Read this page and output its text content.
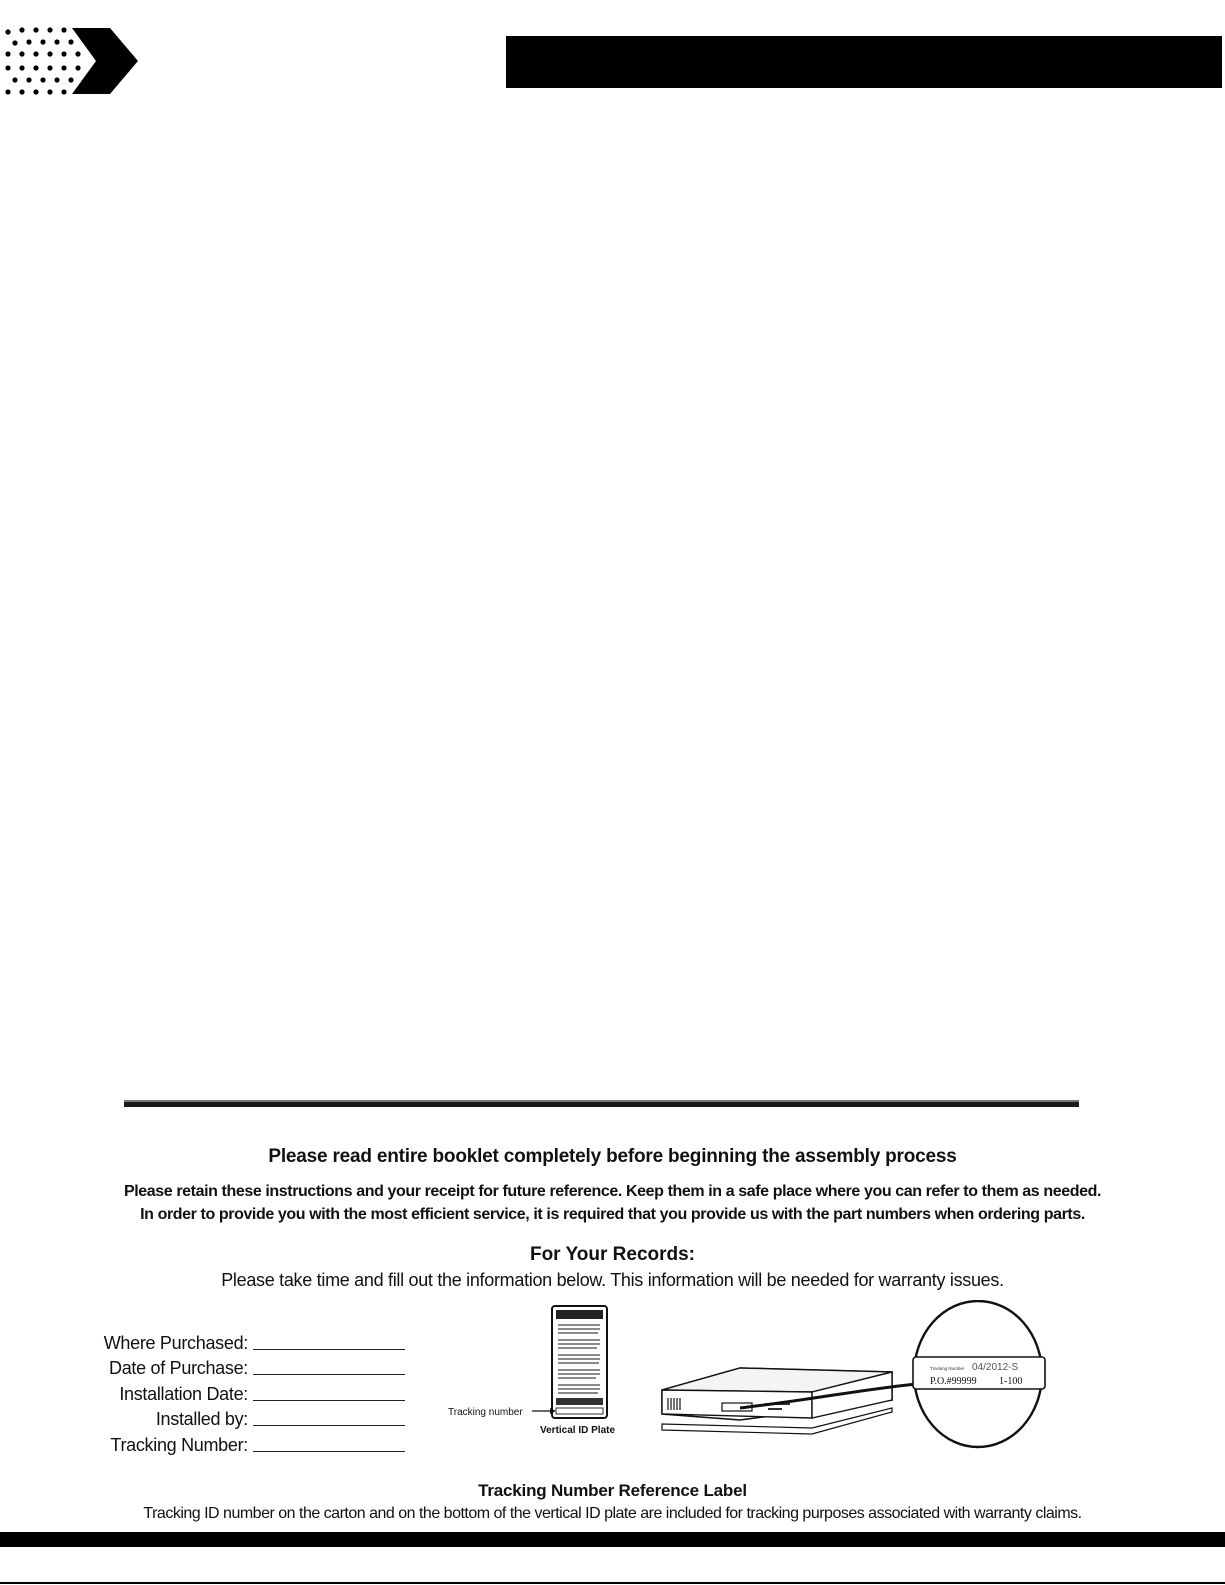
Please read entire booklet completely before beginning the assembly process
Please retain these instructions and your receipt for future reference. Keep them in a safe place where you can refer to them as needed.
In order to provide you with the most efficient service, it is required that you provide us with the part numbers when ordering parts.
For Your Records:
Please take time and fill out the information below. This information will be needed for warranty issues.
Where Purchased:
Date of Purchase:
Installation Date:
Installed by:
Tracking Number:
Tracking number
Vertical ID Plate
Tracking Number 04/2012-S
P.O.#99999 1-100
Tracking Number Reference Label
Tracking ID number on the carton and on the bottom of the vertical ID plate are included for tracking purposes associated with warranty claims.
